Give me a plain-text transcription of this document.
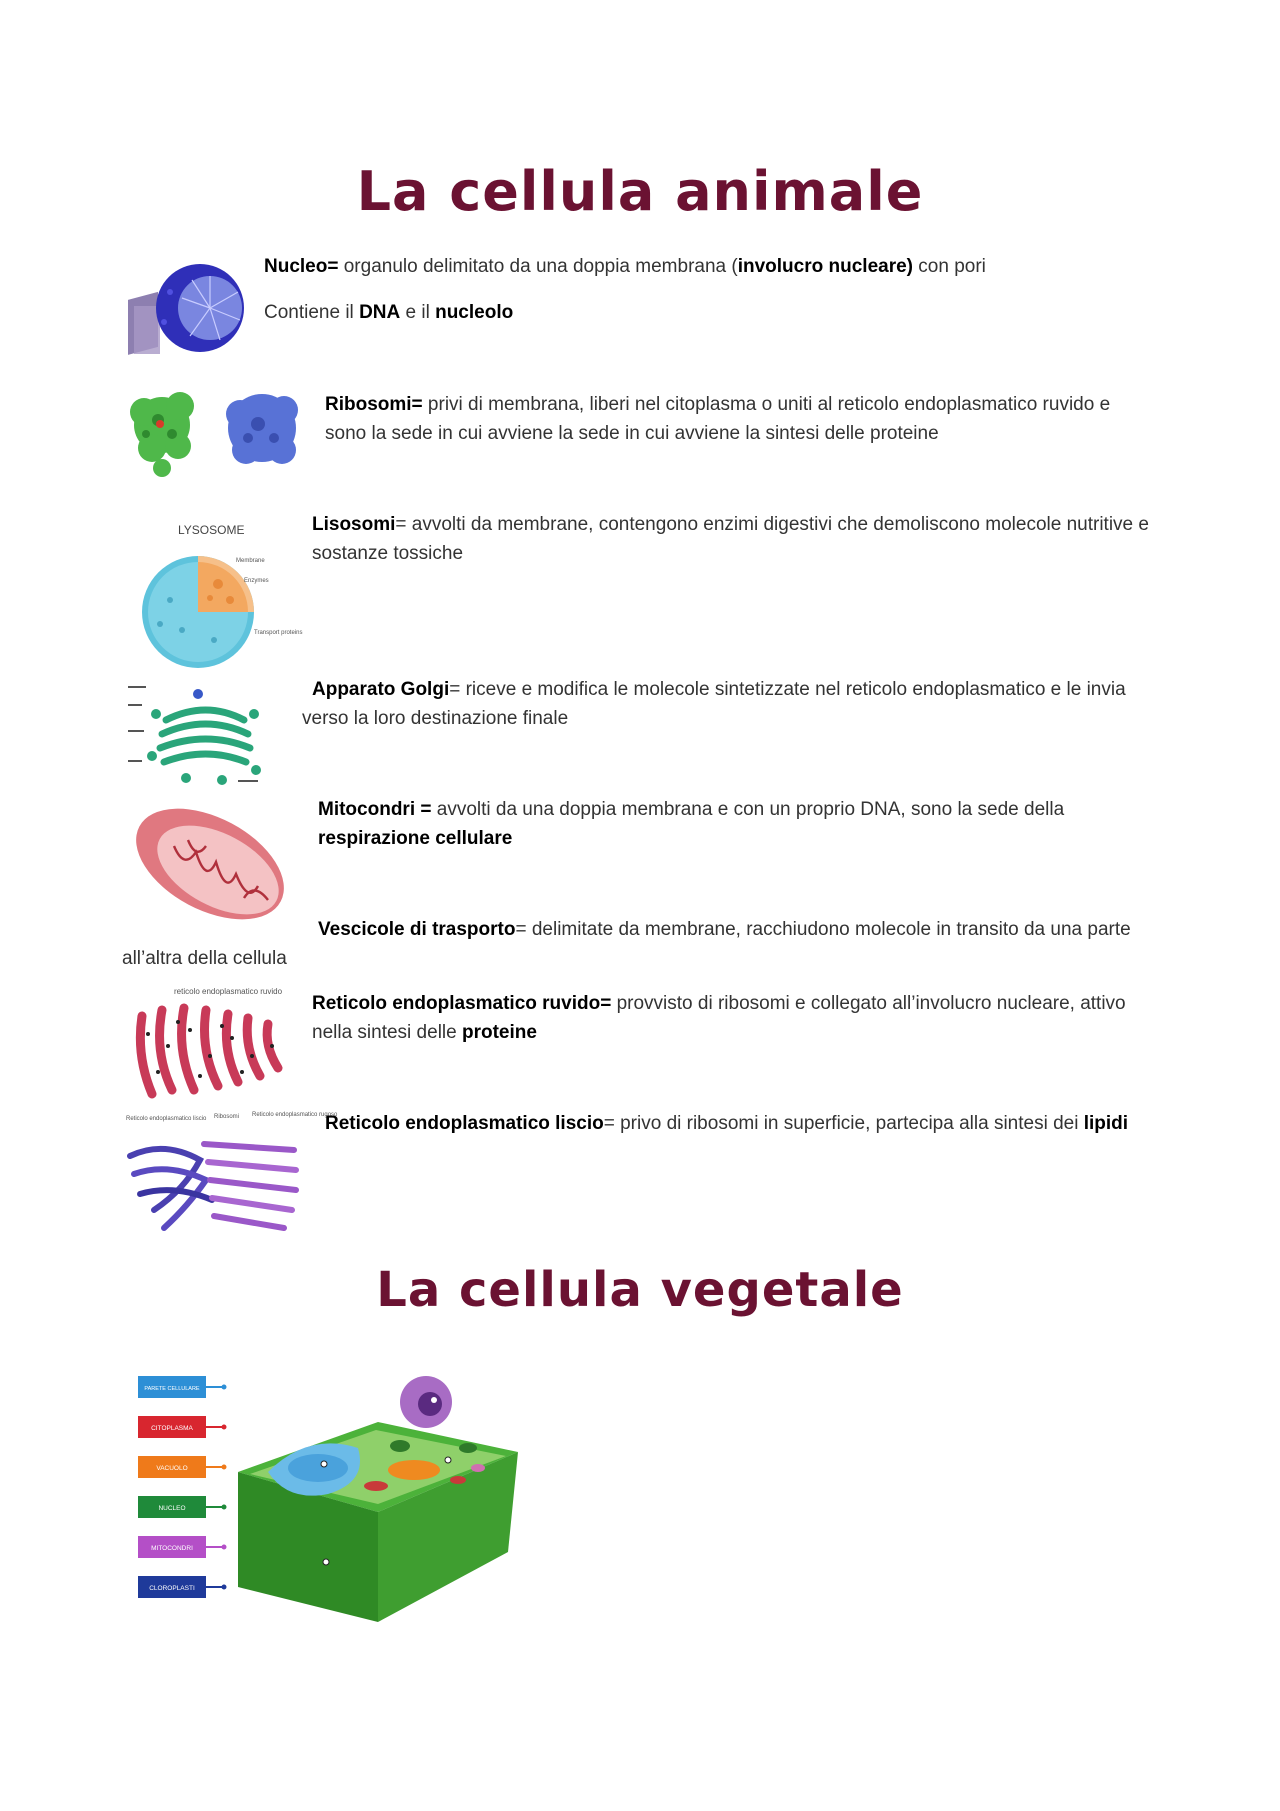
La cellula animale
La cellula vegetale
Nucleo= organulo delimitato da una doppia membrana (involucro nucleare) con pori
Contiene il DNA e il nucleolo
Ribosomi= privi di membrana, liberi nel citoplasma o uniti al reticolo endoplasmatico ruvido e sono la sede in cui avviene la sede in cui avviene la sintesi delle proteine
LYSOSOME
Membrane
Enzymes
Transport proteins
Lisosomi= avvolti da membrane, contengono enzimi digestivi che demoliscono molecole nutritive e sostanze tossiche
Apparato Golgi= riceve e modifica le molecole sintetizzate nel reticolo endoplasmatico e le invia verso la loro destinazione finale
Mitocondri = avvolti da una doppia membrana e con un proprio DNA, sono la sede della respirazione cellulare
Vescicole di trasporto= delimitate da membrane, racchiudono molecole in transito da una parte
all’altra della cellula
reticolo endoplasmatico ruvido
Reticolo endoplasmatico ruvido= provvisto di ribosomi e collegato all’involucro nucleare, attivo nella sintesi delle proteine
Reticolo endoplasmatico liscio Ribosomi Reticolo endoplasmatico rugoso
Reticolo endoplasmatico liscio= privo di ribosomi in superficie, partecipa alla sintesi dei lipidi
PARETE CELLULARE
CITOPLASMA
VACUOLO
NUCLEO
MITOCONDRI
CLOROPLASTI
